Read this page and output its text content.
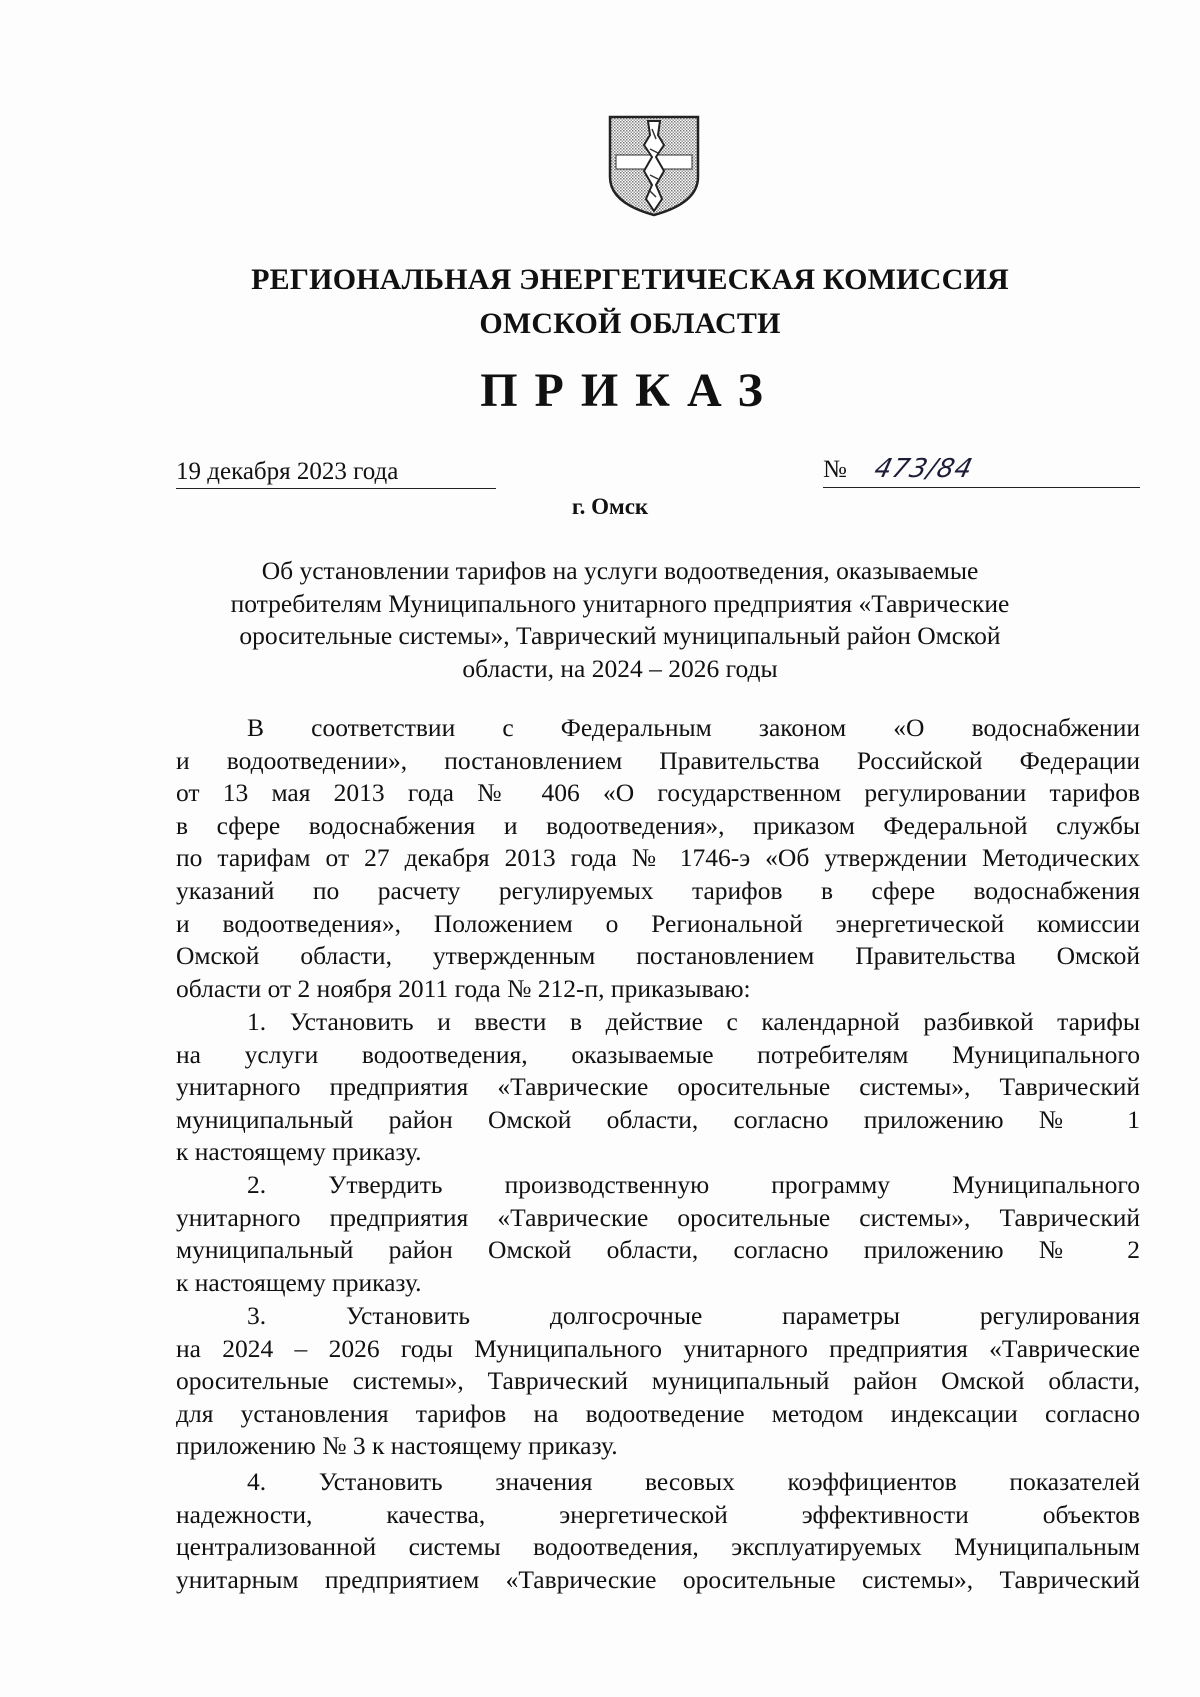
РЕГИОНАЛЬНАЯ ЭНЕРГЕТИЧЕСКАЯ КОМИССИЯ
ОМСКОЙ ОБЛАСТИ
ПРИКАЗ
19 декабря 2023 года	№ 473/84
г. Омск
Об установлении тарифов на услуги водоотведения, оказываемые
потребителям Муниципального унитарного предприятия «Таврические
оросительные системы», Таврический муниципальный район Омской
области, на 2024 – 2026 годы
В соответствии с Федеральным законом «О водоснабжении
и водоотведении», постановлением Правительства Российской Федерации
от 13 мая 2013 года № 406 «О государственном регулировании тарифов
в сфере водоснабжения и водоотведения», приказом Федеральной службы
по тарифам от 27 декабря 2013 года № 1746-э «Об утверждении Методических
указаний по расчету регулируемых тарифов в сфере водоснабжения
и водоотведения», Положением о Региональной энергетической комиссии
Омской области, утвержденным постановлением Правительства Омской
области от 2 ноября 2011 года № 212-п, приказываю:
1. Установить и ввести в действие с календарной разбивкой тарифы
на услуги водоотведения, оказываемые потребителям Муниципального
унитарного предприятия «Таврические оросительные системы», Таврический
муниципальный район Омской области, согласно приложению № 1
к настоящему приказу.
2. Утвердить производственную программу Муниципального
унитарного предприятия «Таврические оросительные системы», Таврический
муниципальный район Омской области, согласно приложению № 2
к настоящему приказу.
3. Установить долгосрочные параметры регулирования
на 2024 – 2026 годы Муниципального унитарного предприятия «Таврические
оросительные системы», Таврический муниципальный район Омской области,
для установления тарифов на водоотведение методом индексации согласно
приложению № 3 к настоящему приказу.
4. Установить значения весовых коэффициентов показателей
надежности, качества, энергетической эффективности объектов
централизованной системы водоотведения, эксплуатируемых Муниципальным
унитарным предприятием «Таврические оросительные системы», Таврический
